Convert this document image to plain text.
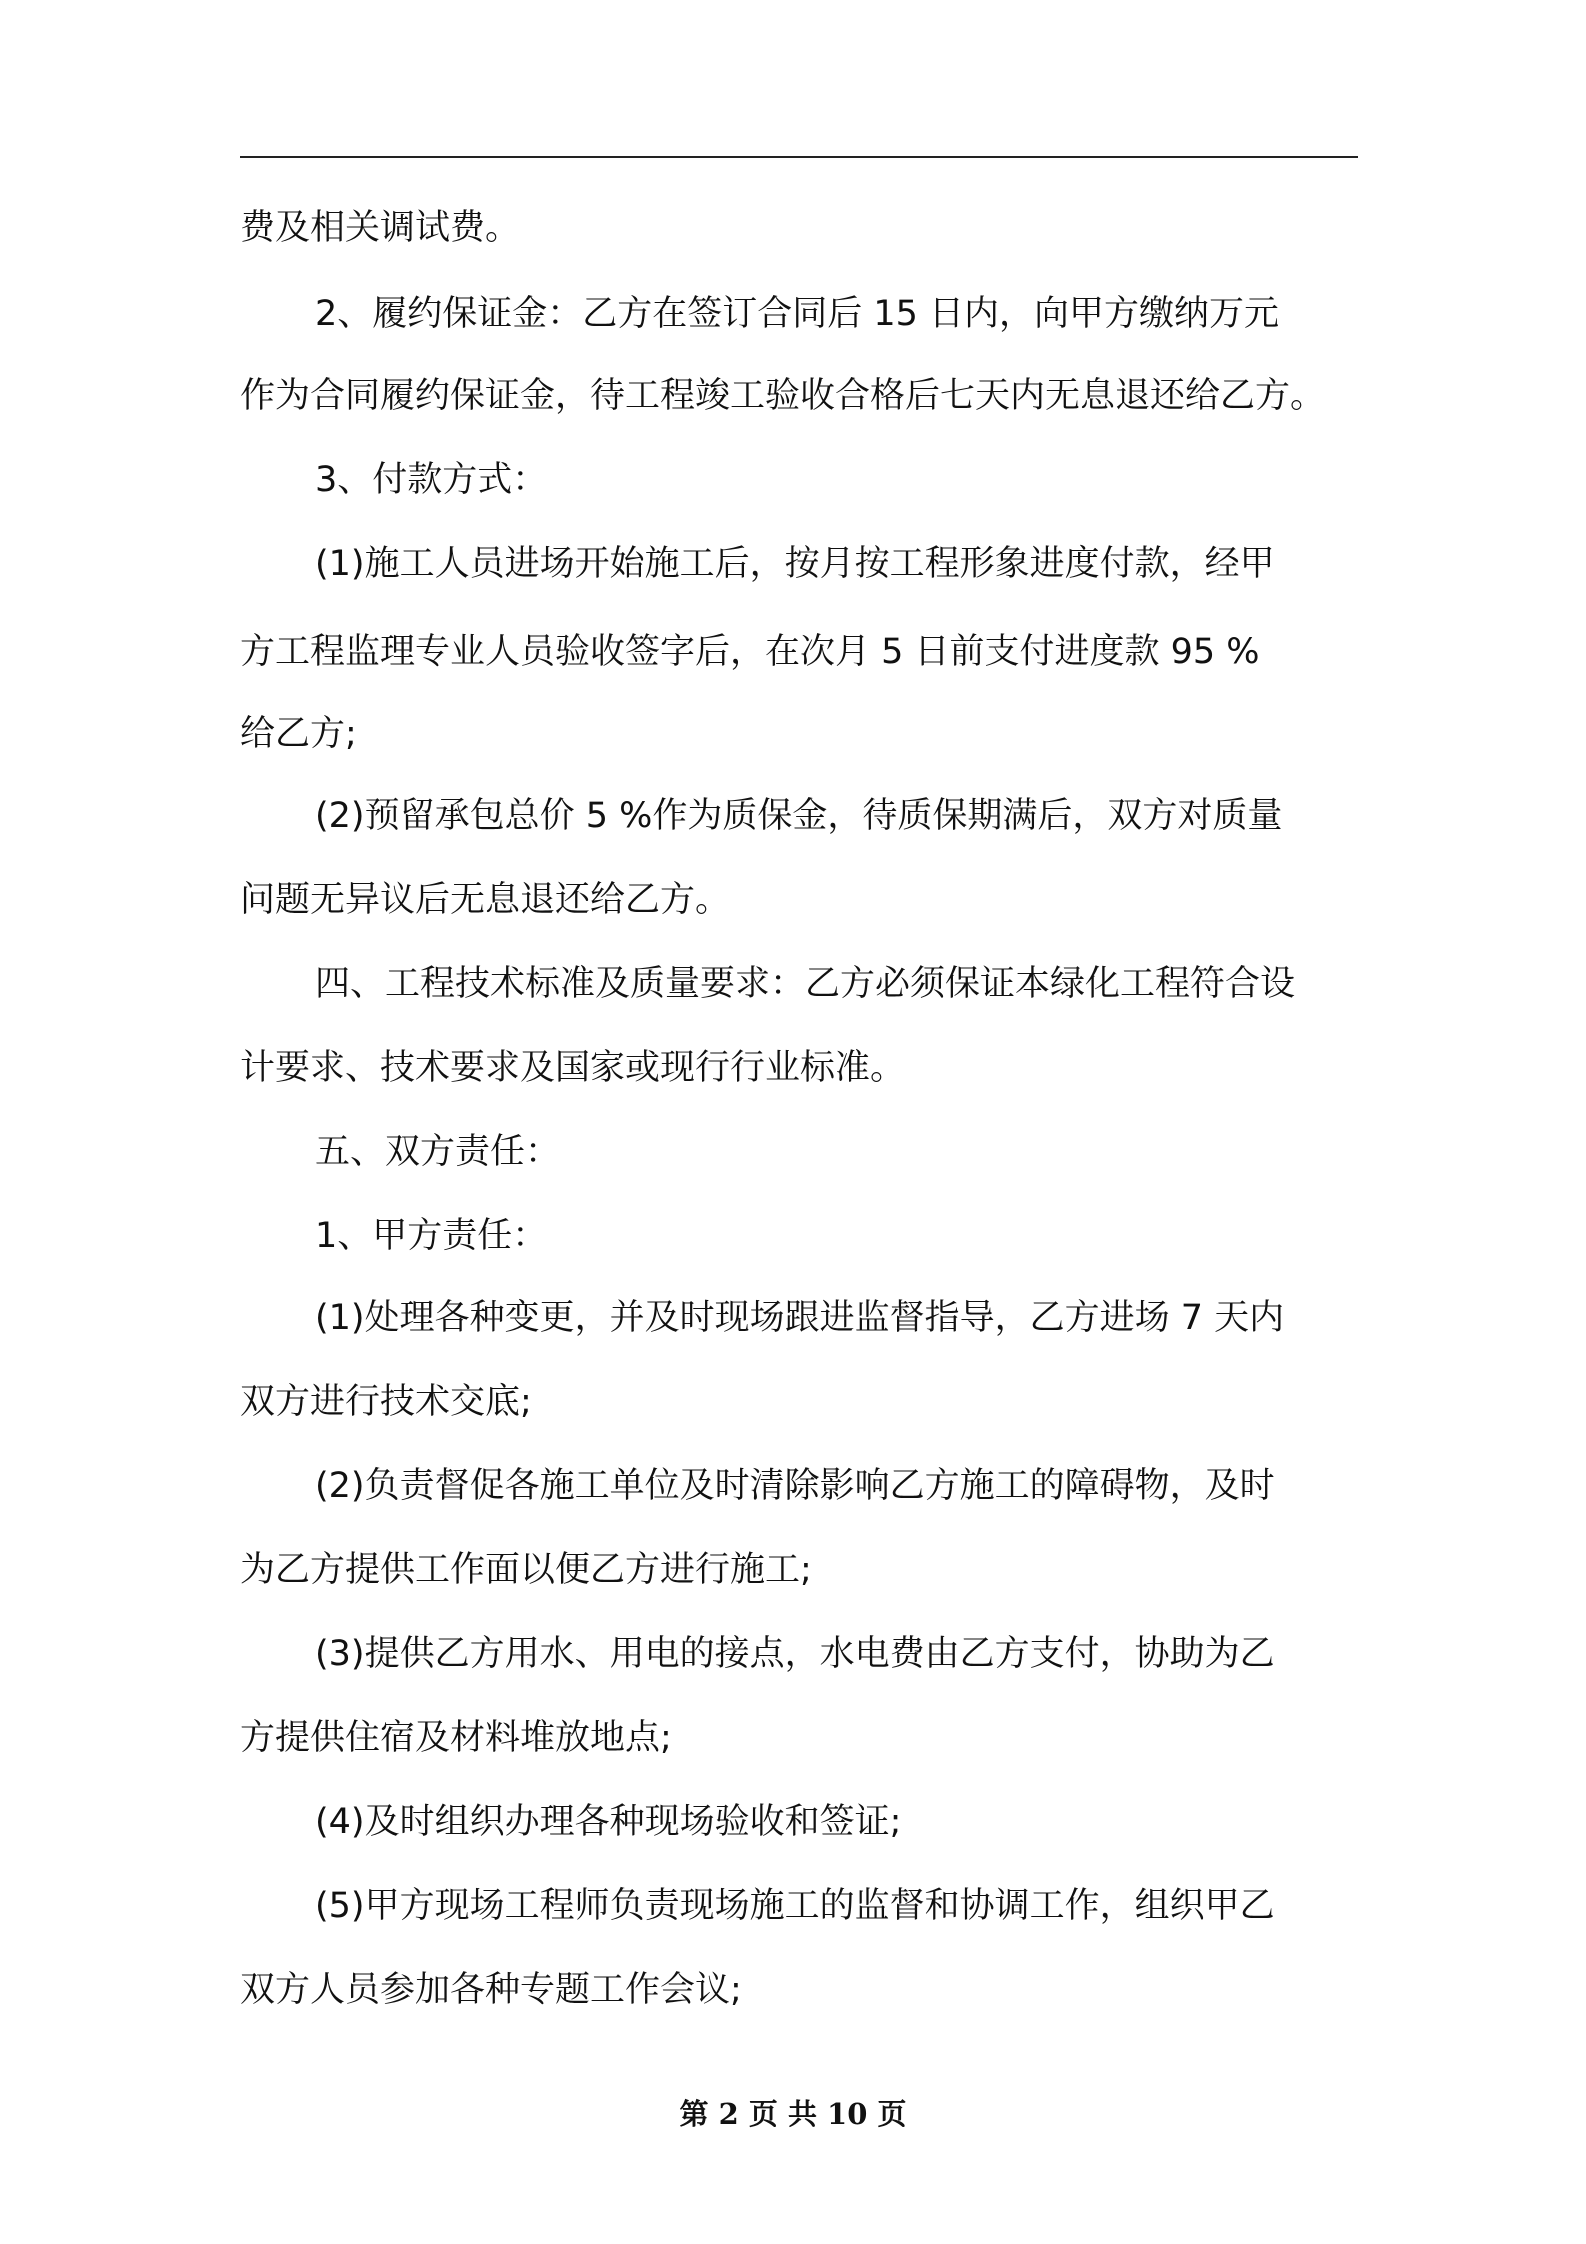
费及相关调试费。
2、履约保证金：乙方在签订合同后 15 日内，向甲方缴纳万元
作为合同履约保证金，待工程竣工验收合格后七天内无息退还给乙方。
3、付款方式：
(1)施工人员进场开始施工后，按月按工程形象进度付款，经甲
方工程监理专业人员验收签字后，在次月 5 日前支付进度款 95 %
给乙方;
(2)预留承包总价 5 %作为质保金，待质保期满后，双方对质量
问题无异议后无息退还给乙方。
四、工程技术标准及质量要求：乙方必须保证本绿化工程符合设
计要求、技术要求及国家或现行行业标准。
五、双方责任：
1、甲方责任：
(1)处理各种变更，并及时现场跟进监督指导，乙方进场 7 天内
双方进行技术交底;
(2)负责督促各施工单位及时清除影响乙方施工的障碍物，及时
为乙方提供工作面以便乙方进行施工;
(3)提供乙方用水、用电的接点，水电费由乙方支付，协助为乙
方提供住宿及材料堆放地点;
(4)及时组织办理各种现场验收和签证;
(5)甲方现场工程师负责现场施工的监督和协调工作，组织甲乙
双方人员参加各种专题工作会议;
第 2 页 共 10 页
